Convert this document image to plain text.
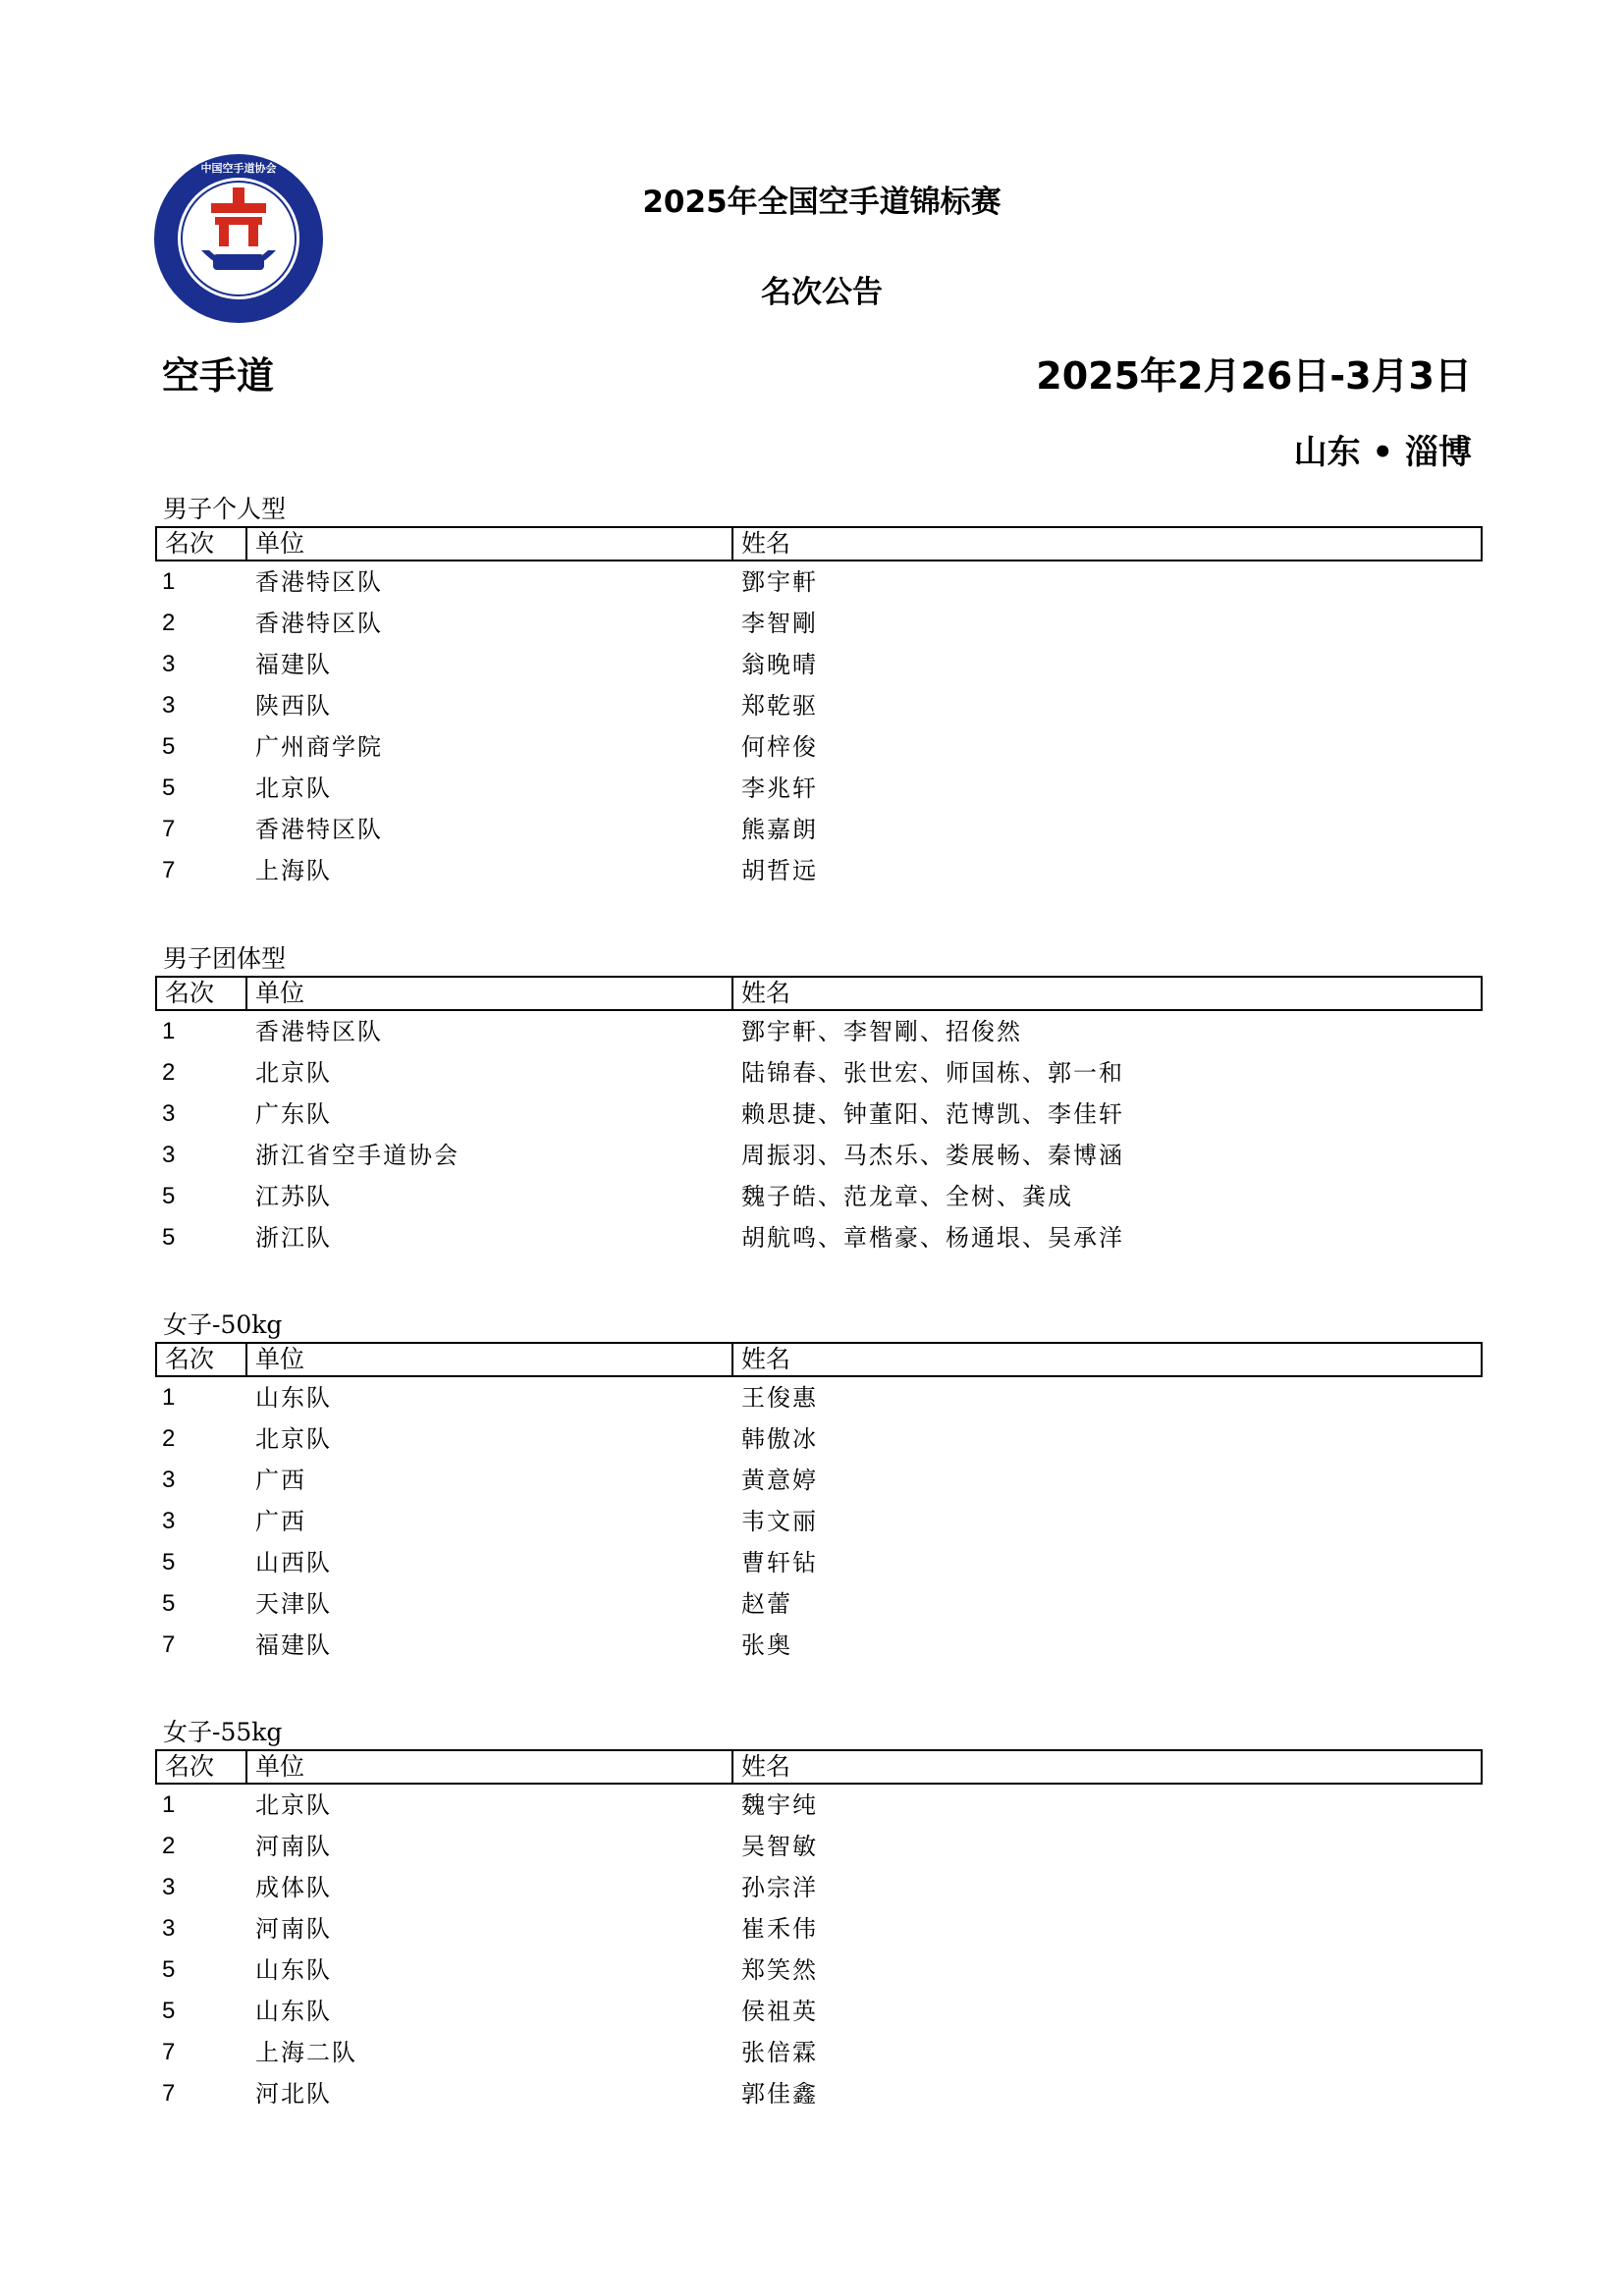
中国空手道协会
2025年全国空手道锦标赛
名次公告
空手道	2025年2月26日-3月3日
山东 • 淄博
男子个人型
名次	单位	姓名
1	香港特区队	鄧宇軒
2	香港特区队	李智剛
3	福建队	翁晚晴
3	陕西队	郑乾驱
5	广州商学院	何梓俊
5	北京队	李兆轩
7	香港特区队	熊嘉朗
7	上海队	胡哲远
男子团体型
名次	单位	姓名
1	香港特区队	鄧宇軒、李智剛、招俊然
2	北京队	陆锦春、张世宏、师国栋、郭一和
3	广东队	赖思捷、钟董阳、范博凯、李佳轩
3	浙江省空手道协会	周振羽、马杰乐、娄展畅、秦博涵
5	江苏队	魏子皓、范龙章、全树、龚成
5	浙江队	胡航鸣、章楷豪、杨通垠、吴承洋
女子-50kg
名次	单位	姓名
1	山东队	王俊惠
2	北京队	韩傲冰
3	广西	黄意婷
3	广西	韦文丽
5	山西队	曹轩钻
5	天津队	赵蕾
7	福建队	张奥
女子-55kg
名次	单位	姓名
1	北京队	魏宇纯
2	河南队	吴智敏
3	成体队	孙宗洋
3	河南队	崔禾伟
5	山东队	郑笑然
5	山东队	侯祖英
7	上海二队	张倍霖
7	河北队	郭佳鑫
